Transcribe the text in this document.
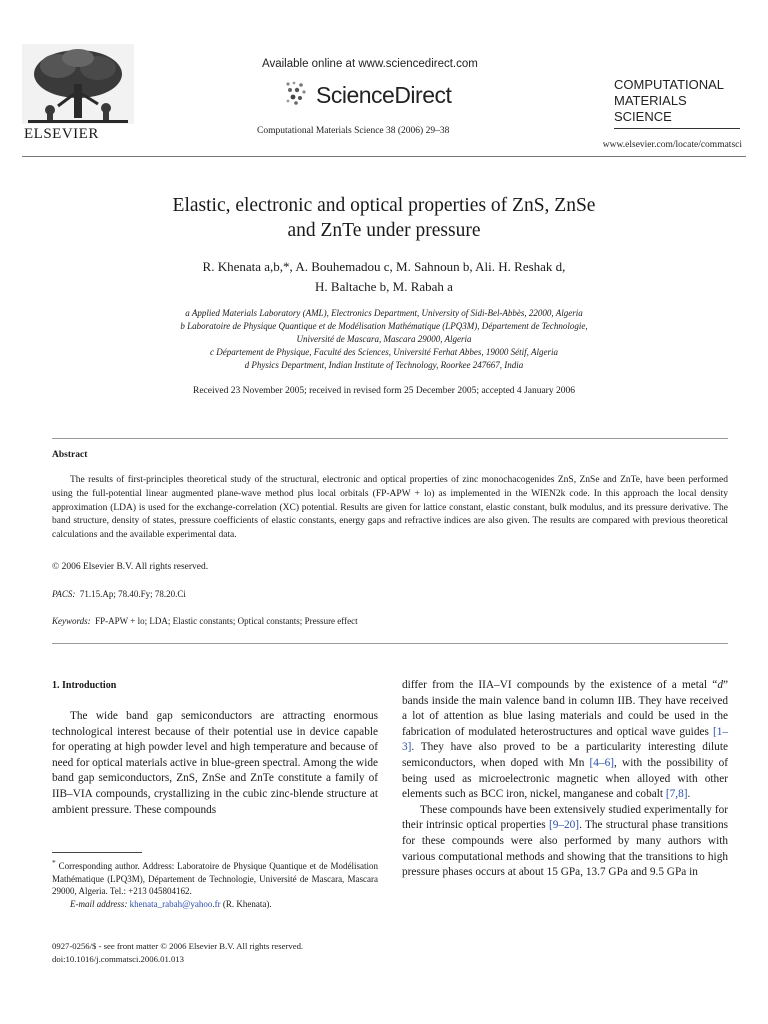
ELSEVIER
Available online at www.sciencedirect.com
ScienceDirect
Computational Materials Science 38 (2006) 29–38
COMPUTATIONAL
MATERIALS
SCIENCE
www.elsevier.com/locate/commatsci
Elastic, electronic and optical properties of ZnS, ZnSe
and ZnTe under pressure
R. Khenata a,b,*, A. Bouhemadou c, M. Sahnoun b, Ali. H. Reshak d,
H. Baltache b, M. Rabah a
a Applied Materials Laboratory (AML), Electronics Department, University of Sidi-Bel-Abbès, 22000, Algeria
b Laboratoire de Physique Quantique et de Modélisation Mathématique (LPQ3M), Département de Technologie,
Université de Mascara, Mascara 29000, Algeria
c Département de Physique, Faculté des Sciences, Université Ferhat Abbes, 19000 Sétif, Algeria
d Physics Department, Indian Institute of Technology, Roorkee 247667, India
Received 23 November 2005; received in revised form 25 December 2005; accepted 4 January 2006
Abstract
The results of first-principles theoretical study of the structural, electronic and optical properties of zinc monochacogenides ZnS, ZnSe and ZnTe, have been performed using the full-potential linear augmented plane-wave method plus local orbitals (FP-APW + lo) as implemented in the WIEN2k code. In this approach the local density approximation (LDA) is used for the exchange-correlation (XC) potential. Results are given for lattice constant, elastic constant, bulk modulus, and its pressure derivative. The band structure, density of states, pressure coefficients of elastic constants, energy gaps and refractive indices are also given. The results are compared with previous theoretical calculations and the available experimental data.
© 2006 Elsevier B.V. All rights reserved.
PACS: 71.15.Ap; 78.40.Fy; 78.20.Ci
Keywords: FP-APW + lo; LDA; Elastic constants; Optical constants; Pressure effect
1. Introduction
The wide band gap semiconductors are attracting enormous technological interest because of their potential use in device capable for operating at high powder level and high temperature and because of need for optical materials active in blue-green spectral. Among the wide band gap semiconductors, ZnS, ZnSe and ZnTe constitute a family of IIB–VIA compounds, crystallizing in the cubic zinc-blende structure at ambient pressure. These compounds

differ from the IIA–VI compounds by the existence of a metal “d” bands inside the main valence band in column IIB. They have received a lot of attention as blue lasing materials and could be used in the fabrication of modulated heterostructures and optical wave guides [1–3]. They have also proved to be a particularity interesting dilute semiconductors, when doped with Mn [4–6], with the possibility of being used as microelectronic magnetic when alloyed with other elements such as BCC iron, nickel, manganese and cobalt [7,8].

These compounds have been extensively studied experimentally for their intrinsic optical properties [9–20]. The structural phase transitions for these compounds were also performed by many authors with various computational methods and showing that the transitions to high pressure phases occurs at about 15 GPa, 13.7 GPa and 9.5 GPa in

* Corresponding author. Address: Laboratoire de Physique Quantique et de Modélisation Mathématique (LPQ3M), Département de Technologie, Université de Mascara, Mascara 29000, Algeria. Tel.: +213 045804162.
E-mail address: khenata_rabah@yahoo.fr (R. Khenata).
0927-0256/$ - see front matter © 2006 Elsevier B.V. All rights reserved.
doi:10.1016/j.commatsci.2006.01.013
